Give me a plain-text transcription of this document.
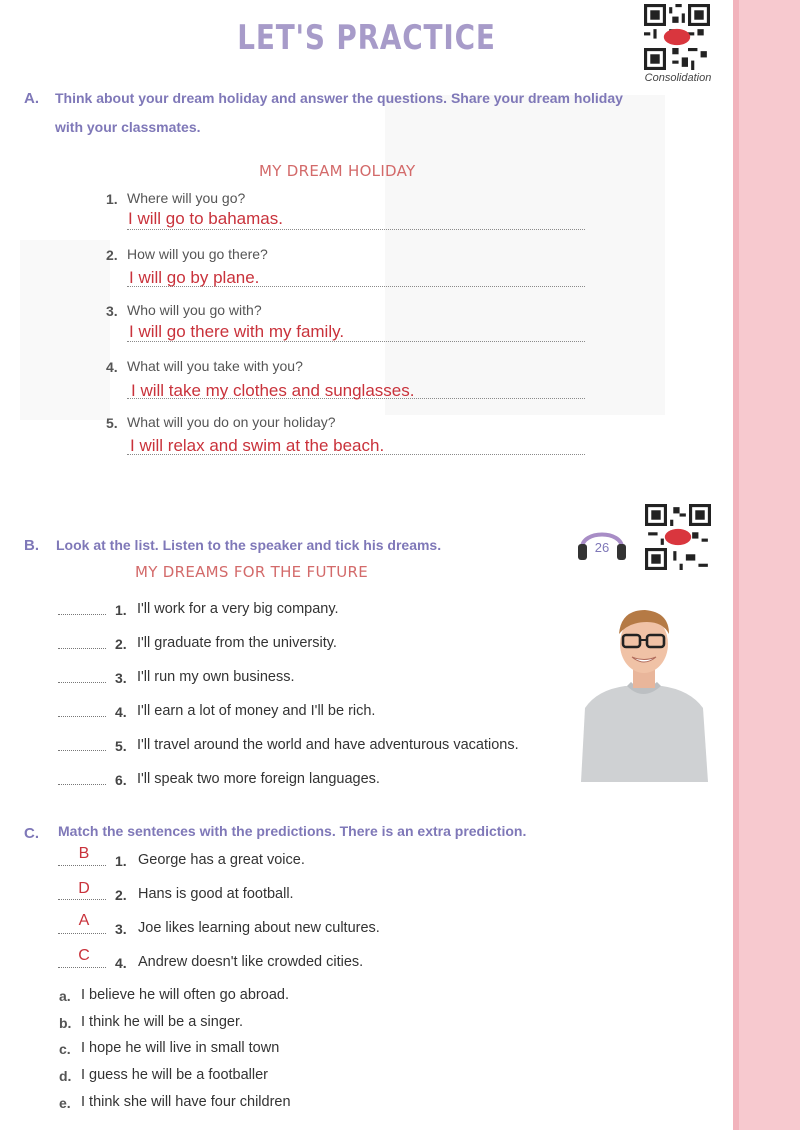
LET'S PRACTICE
Consolidation
A. Think about your dream holiday and answer the questions. Share your dream holiday
with your classmates.
MY DREAM HOLIDAY
1. Where will you go?
I will go to bahamas.
2. How will you go there?
I will go by plane.
3. Who will you go with?
I will go there with my family.
4. What will you take with you?
I will take my clothes and sunglasses.
5. What will you do on your holiday?
I will relax and swim at the beach.
B. Look at the list. Listen to the speaker and tick his dreams.	26
MY DREAMS FOR THE FUTURE
1. I'll work for a very big company.
2. I'll graduate from the university.
3. I'll run my own business.
4. I'll earn a lot of money and I'll be rich.
5. I'll travel around the world and have adventurous vacations.
6. I'll speak two more foreign languages.
C. Match the sentences with the predictions. There is an extra prediction.
B	1. George has a great voice.
D	2. Hans is good at football.
A	3. Joe likes learning about new cultures.
C	4. Andrew doesn't like crowded cities.
a. I believe he will often go abroad.
b. I think he will be a singer.
c. I hope he will live in small town
d. I guess he will be a footballer
e. I think she will have four children
